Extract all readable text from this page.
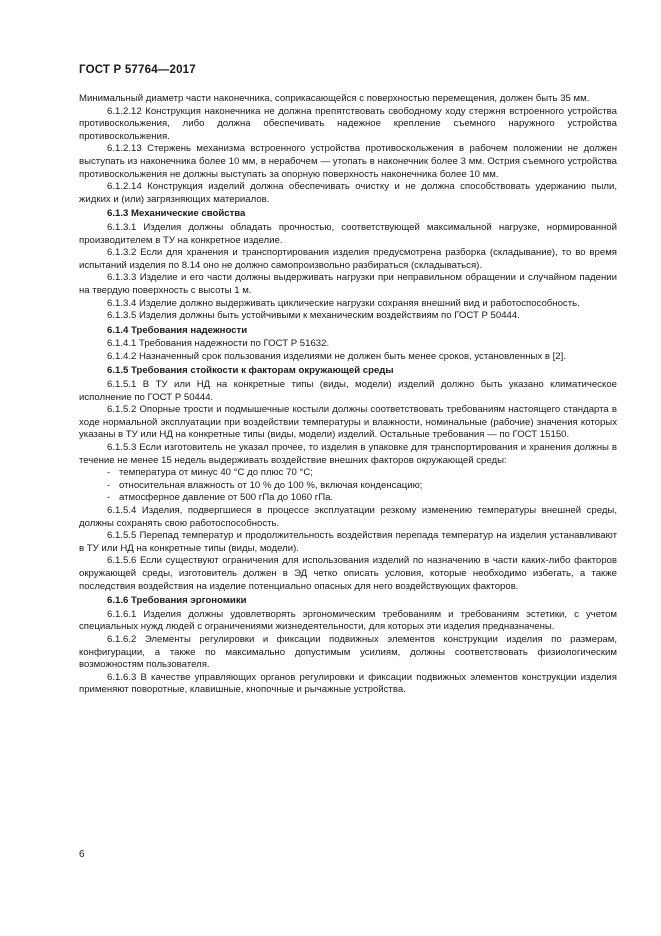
ГОСТ Р 57764—2017

Минимальный диаметр части наконечника, соприкасающейся с поверхностью перемещения, должен быть 35 мм.

6.1.2.12 Конструкция наконечника не должна препятствовать свободному ходу стержня встроенного устройства противоскольжения, либо должна обеспечивать надежное крепление съемного наружного устройства противоскольжения.

6.1.2.13 Стержень механизма встроенного устройства противоскольжения в рабочем положении не должен выступать из наконечника более 10 мм, в нерабочем — утопать в наконечник более 3 мм. Острия съемного устройства противоскольжения не должны выступать за опорную поверхность наконечника более 10 мм.

6.1.2.14 Конструкция изделий должна обеспечивать очистку и не должна способствовать удержанию пыли, жидких и (или) загрязняющих материалов.

6.1.3 Механические свойства

6.1.3.1 Изделия должны обладать прочностью, соответствующей максимальной нагрузке, нормированной производителем в ТУ на конкретное изделие.

6.1.3.2 Если для хранения и транспортирования изделия предусмотрена разборка (складывание), то во время испытаний изделия по 8.14 оно не должно самопроизвольно разбираться (складываться).

6.1.3.3 Изделие и его части должны выдерживать нагрузки при неправильном обращении и случайном падении на твердую поверхность с высоты 1 м.

6.1.3.4 Изделие должно выдерживать циклические нагрузки сохраняя внешний вид и работоспособность.

6.1.3.5 Изделия должны быть устойчивыми к механическим воздействиям по ГОСТ Р 50444.

6.1.4 Требования надежности

6.1.4.1 Требования надежности по ГОСТ Р 51632.

6.1.4.2 Назначенный срок пользования изделиями не должен быть менее сроков, установленных в [2].

6.1.5 Требования стойкости к факторам окружающей среды

6.1.5.1 В ТУ или НД на конкретные типы (виды, модели) изделий должно быть указано климатическое исполнение по ГОСТ Р 50444.

6.1.5.2 Опорные трости и подмышечные костыли должны соответствовать требованиям настоящего стандарта в ходе нормальной эксплуатации при воздействии температуры и влажности, номинальные (рабочие) значения которых указаны в ТУ или НД на конкретные типы (виды, модели) изделий. Остальные требования — по ГОСТ 15150.

6.1.5.3 Если изготовитель не указал прочее, то изделия в упаковке для транспортирования и хранения должны в течение не менее 15 недель выдерживать воздействие внешних факторов окружающей среды:

- температура от минус 40 °С до плюс 70 °С;
- относительная влажность от 10 % до 100 %, включая конденсацию;
- атмосферное давление от 500 гПа до 1060 гПа.

6.1.5.4 Изделия, подвергшиеся в процессе эксплуатации резкому изменению температуры внешней среды, должны сохранять свою работоспособность.

6.1.5.5 Перепад температур и продолжительность воздействия перепада температур на изделия устанавливают в ТУ или НД на конкретные типы (виды, модели).

6.1.5.6 Если существуют ограничения для использования изделий по назначению в части каких-либо факторов окружающей среды, изготовитель должен в ЭД четко описать условия, которые необходимо избегать, а также последствия воздействия на изделие потенциально опасных для него воздействующих факторов.

6.1.6 Требования эргономики

6.1.6.1 Изделия должны удовлетворять эргономическим требованиям и требованиям эстетики, с учетом специальных нужд людей с ограничениями жизнедеятельности, для которых эти изделия предназначены.

6.1.6.2 Элементы регулировки и фиксации подвижных элементов конструкции изделия по размерам, конфигурации, а также по максимально допустимым усилиям, должны соответствовать физиологическим возможностям пользователя.

6.1.6.3 В качестве управляющих органов регулировки и фиксации подвижных элементов конструкции изделия применяют поворотные, клавишные, кнопочные и рычажные устройства.

6
